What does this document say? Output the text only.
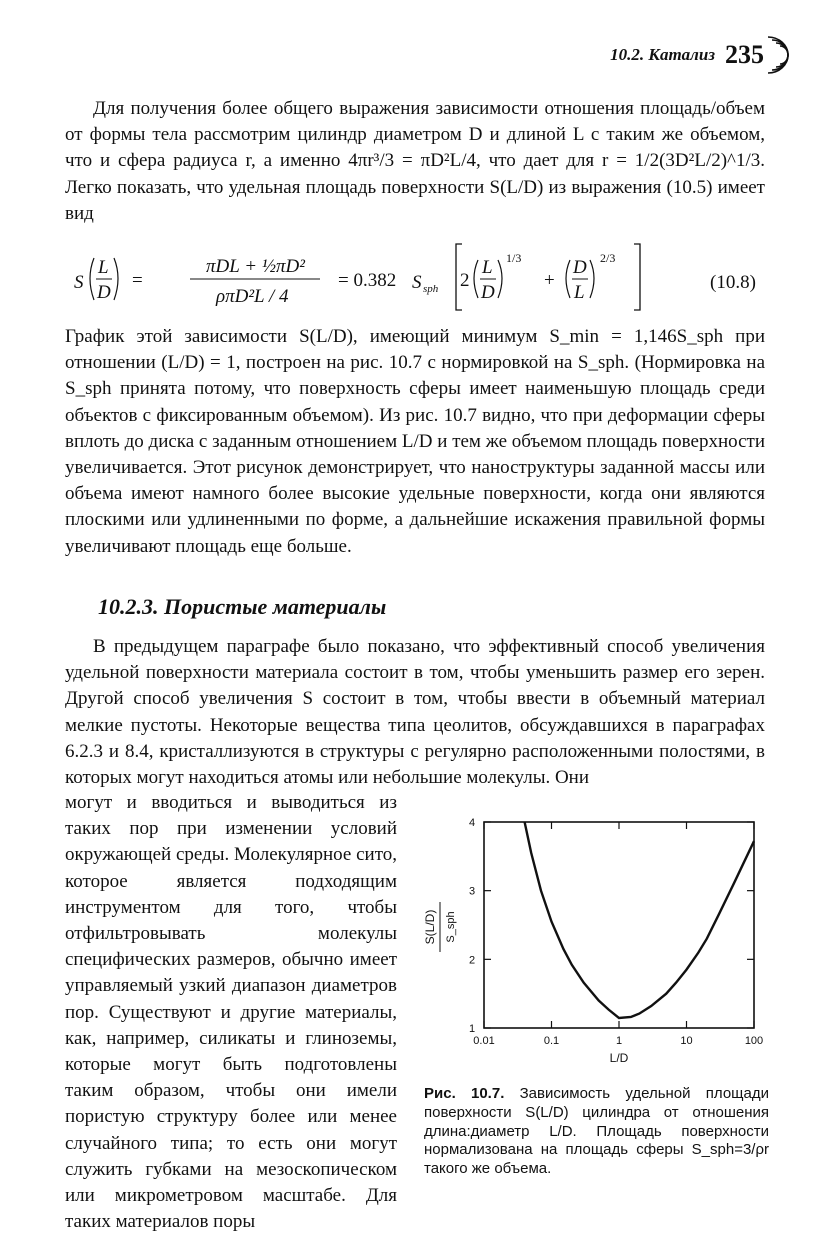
10.2. Катализ 235

Для получения более общего выражения зависимости отношения площадь/объем от формы тела рассмотрим цилиндр диаметром D и длиной L с таким же объемом, что и сфера радиуса r, а именно 4πr³/3 = πD²L/4, что дает для r = 1/2(3D²L/2)^1/3. Легко показать, что удельная площадь поверхности S(L/D) из выражения (10.5) имеет вид

S
L
D
=
πDL + ½πD²
ρπD²L / 4
= 0.382 S sph 2
L
D
1/3
+
D
L
2/3
(10.8)

График этой зависимости S(L/D), имеющий минимум S_min = 1,146S_sph при отношении (L/D) = 1, построен на рис. 10.7 с нормировкой на S_sph. (Нормировка на S_sph принята потому, что поверхность сферы имеет наименьшую площадь среди объектов с фиксированным объемом). Из рис. 10.7 видно, что при деформации сферы вплоть до диска с заданным отношением L/D и тем же объемом площадь поверхности увеличивается. Этот рисунок демонстрирует, что наноструктуры заданной массы или объема имеют намного более высокие удельные поверхности, когда они являются плоскими или удлиненными по форме, а дальнейшие искажения правильной формы увеличивают площадь еще больше.

10.2.3. Пористые материалы

В предыдущем параграфе было показано, что эффективный способ увеличения удельной поверхности материала состоит в том, чтобы уменьшить размер его зерен. Другой способ увеличения S состоит в том, чтобы ввести в объемный материал мелкие пустоты. Некоторые вещества типа цеолитов, обсуждавшихся в параграфах 6.2.3 и 8.4, кристаллизуются в структуры с регулярно расположенными полостями, в которых могут находиться атомы или небольшие молекулы. Они

могут и вводиться и выводиться из таких пор при изменении условий окружающей среды. Молекулярное сито, которое является подходящим инструментом для того, чтобы отфильтровывать молекулы специфических размеров, обычно имеет управляемый узкий диапазон диаметров пор. Существуют и другие материалы, как, например, силикаты и глиноземы, которые могут быть подготовлены таким образом, чтобы они имели пористую структуру более или менее случайного типа; то есть они могут служить губками на мезоскопическом или микрометровом масштабе. Для таких материалов поры

S(L/D) S_sph
0.01	0.1	1	10	100
1
2
3
4
L/D

Рис. 10.7. Зависимость удельной площади поверхности S(L/D) цилиндра от отношения длина:диаметр L/D. Площадь поверхности нормализована на площадь сферы S_sph=3/ρr такого же объема.
